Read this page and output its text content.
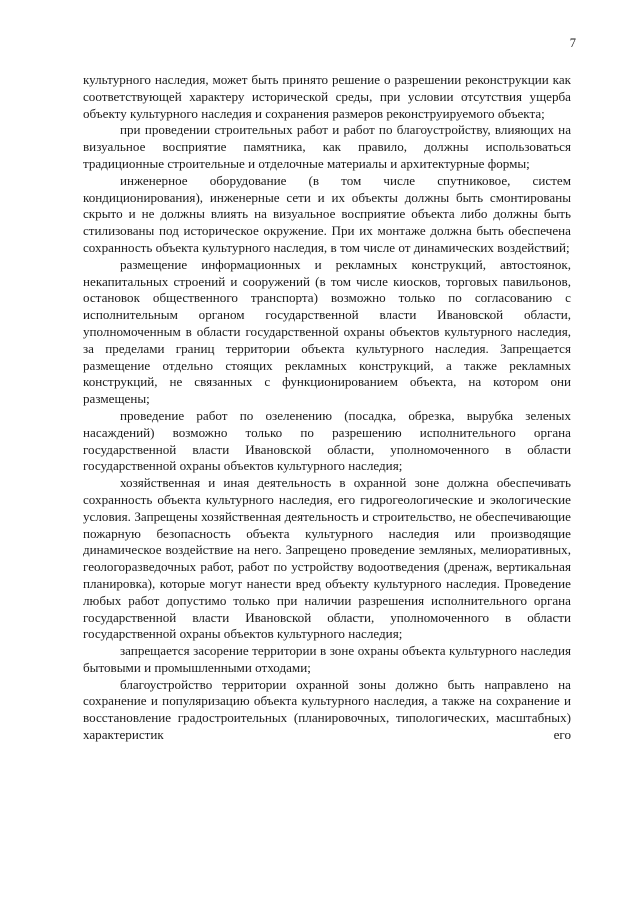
7

культурного наследия, может быть принято решение о разрешении реконструкции как соответствующей характеру исторической среды, при условии отсутствия ущерба объекту культурного наследия и сохранения размеров реконструируемого объекта;

при проведении строительных работ и работ по благоустройству, влияющих на визуальное восприятие памятника, как правило, должны использоваться традиционные строительные и отделочные материалы и архитектурные формы;

инженерное оборудование (в том числе спутниковое, систем кондиционирования), инженерные сети и их объекты должны быть смонтированы скрыто и не должны влиять на визуальное восприятие объекта либо должны быть стилизованы под историческое окружение. При их монтаже должна быть обеспечена сохранность объекта культурного наследия, в том числе от динамических воздействий;

размещение информационных и рекламных конструкций, автостоянок, некапитальных строений и сооружений (в том числе киосков, торговых павильонов, остановок общественного транспорта) возможно только по согласованию с исполнительным органом государственной власти Ивановской области, уполномоченным в области государственной охраны объектов культурного наследия, за пределами границ территории объекта культурного наследия. Запрещается размещение отдельно стоящих рекламных конструкций, а также рекламных конструкций, не связанных с функционированием объекта, на котором они размещены;

проведение работ по озеленению (посадка, обрезка, вырубка зеленых насаждений) возможно только по разрешению исполнительного органа государственной власти Ивановской области, уполномоченного в области государственной охраны объектов культурного наследия;

хозяйственная и иная деятельность в охранной зоне должна обеспечивать сохранность объекта культурного наследия, его гидрогеологические и экологические условия. Запрещены хозяйственная деятельность и строительство, не обеспечивающие пожарную безопасность объекта культурного наследия или производящие динамическое воздействие на него. Запрещено проведение земляных, мелиоративных, геологоразведочных работ, работ по устройству водоотведения (дренаж, вертикальная планировка), которые могут нанести вред объекту культурного наследия. Проведение любых работ допустимо только при наличии разрешения исполнительного органа государственной власти Ивановской области, уполномоченного в области государственной охраны объектов культурного наследия;

запрещается засорение территории в зоне охраны объекта культурного наследия бытовыми и промышленными отходами;

благоустройство территории охранной зоны должно быть направлено на сохранение и популяризацию объекта культурного наследия, а также на сохранение и восстановление градостроительных (планировочных, типологических, масштабных) характеристик его
